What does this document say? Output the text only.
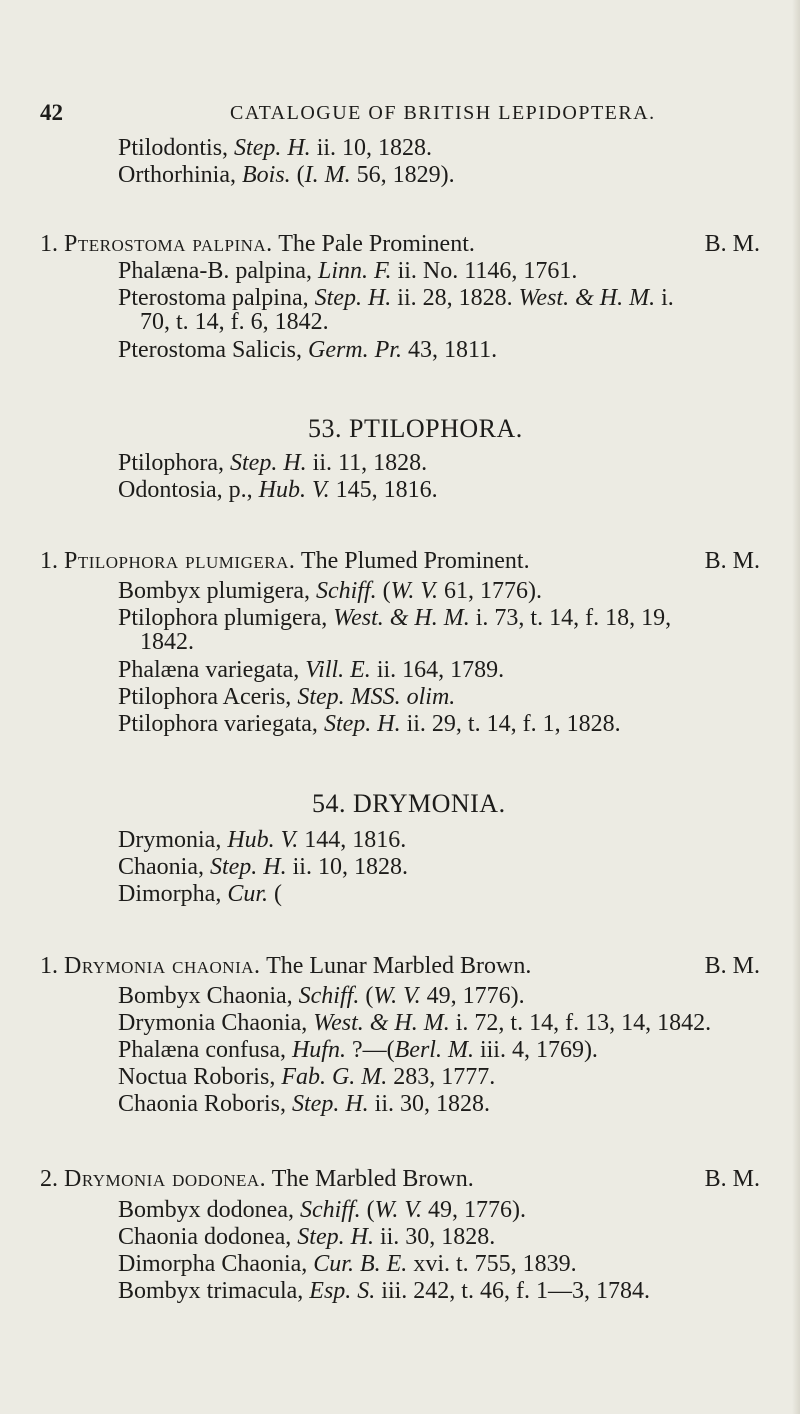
42	CATALOGUE OF BRITISH LEPIDOPTERA.
Ptilodontis, Step. H. ii. 10, 1828.
Orthorhinia, Bois. (I. M. 56, 1829).
1. Pterostoma palpina. The Pale Prominent.	B. M.
Phalæna-B. palpina, Linn. F. ii. No. 1146, 1761.
Pterostoma palpina, Step. H. ii. 28, 1828. West. & H. M. i.
70, t. 14, f. 6, 1842.
Pterostoma Salicis, Germ. Pr. 43, 1811.
53. PTILOPHORA.
Ptilophora, Step. H. ii. 11, 1828.
Odontosia, p., Hub. V. 145, 1816.
1. Ptilophora plumigera. The Plumed Prominent.	B. M.
Bombyx plumigera, Schiff. (W. V. 61, 1776).
Ptilophora plumigera, West. & H. M. i. 73, t. 14, f. 18, 19,
1842.
Phalæna variegata, Vill. E. ii. 164, 1789.
Ptilophora Aceris, Step. MSS. olim.
Ptilophora variegata, Step. H. ii. 29, t. 14, f. 1, 1828.
54. DRYMONIA.
Drymonia, Hub. V. 144, 1816.
Chaonia, Step. H. ii. 10, 1828.
Dimorpha, Cur. (
1. Drymonia chaonia. The Lunar Marbled Brown.	B. M.
Bombyx Chaonia, Schiff. (W. V. 49, 1776).
Drymonia Chaonia, West. & H. M. i. 72, t. 14, f. 13, 14, 1842.
Phalæna confusa, Hufn. ?—(Berl. M. iii. 4, 1769).
Noctua Roboris, Fab. G. M. 283, 1777.
Chaonia Roboris, Step. H. ii. 30, 1828.
2. Drymonia dodonea. The Marbled Brown.	B. M.
Bombyx dodonea, Schiff. (W. V. 49, 1776).
Chaonia dodonea, Step. H. ii. 30, 1828.
Dimorpha Chaonia, Cur. B. E. xvi. t. 755, 1839.
Bombyx trimacula, Esp. S. iii. 242, t. 46, f. 1—3, 1784.
